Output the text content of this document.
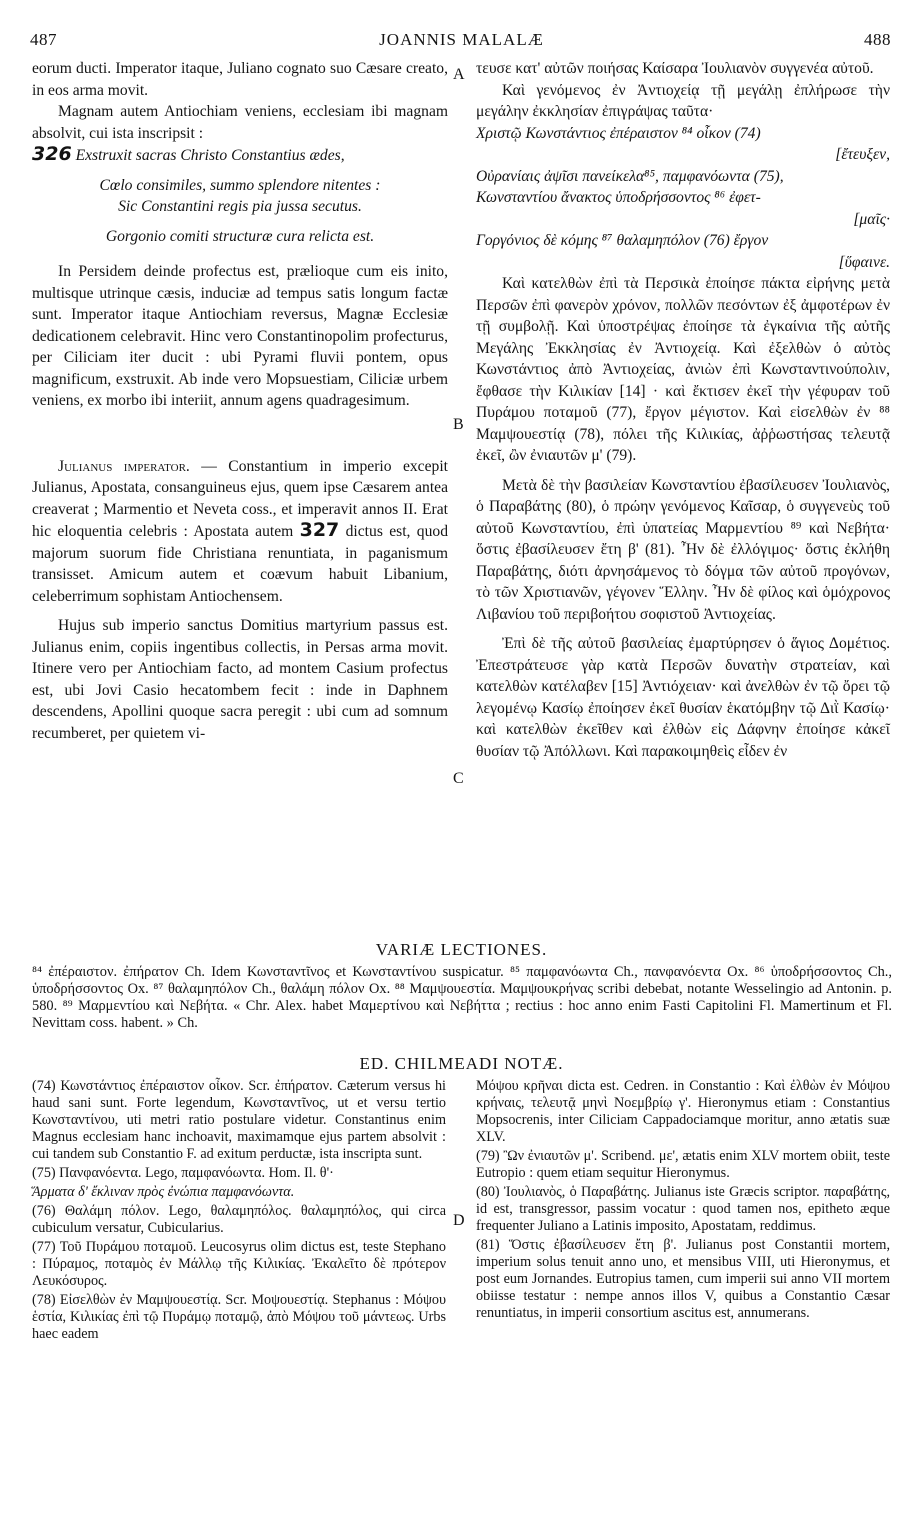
487	JOANNIS MALALÆ	488
A
B
C
D

eorum ducti. Imperator itaque, Juliano cognato suo Cæsare creato, in eos arma movit.

Magnam autem Antiochiam veniens, ecclesiam ibi magnam absolvit, cui ista inscripsit :

326 Exstruxit sacras Christo Constantius ædes,

Cœlo consimiles, summo splendore nitentes :

Sic Constantini regis pia jussa secutus.

Gorgonio comiti structuræ cura relicta est.

In Persidem deinde profectus est, prælioque cum eis inito, multisque utrinque cæsis, induciæ ad tempus satis longum factæ sunt. Imperator itaque Antiochiam reversus, Magnæ Ecclesiæ dedicationem celebravit. Hinc vero Constantinopolim profecturus, per Ciliciam iter ducit : ubi Pyrami fluvii pontem, opus magnificum, exstruxit. Ab inde vero Mopsuestiam, Ciliciæ urbem veniens, ex morbo ibi interiit, annum agens quadragesimum.

Julianus imperator. — Constantium in imperio excepit Julianus, Apostata, consanguineus ejus, quem ipse Cæsarem antea creaverat ; Marmentio et Neveta coss., et imperavit annos II. Erat hic eloquentia celebris : Apostata autem 327 dictus est, quod majorum suorum fide Christiana renuntiata, in paganismum transisset. Amicum autem et coævum habuit Libanium, celeberrimum sophistam Antiochensem.

Hujus sub imperio sanctus Domitius martyrium passus est. Julianus enim, copiis ingentibus collectis, in Persas arma movit. Itinere vero per Antiochiam facto, ad montem Casium profectus est, ubi Jovi Casio hecatombem fecit : inde in Daphnem descendens, Apollini quoque sacra peregit : ubi cum ad somnum recumberet, per quietem vi-

τευσε κατ' αὐτῶν ποιήσας Καίσαρα Ἰουλιανὸν συγγενέα αὐτοῦ.

Καὶ γενόμενος ἐν Ἀντιοχείᾳ τῇ μεγάλῃ ἐπλήρωσε τὴν μεγάλην ἐκκλησίαν ἐπιγράψας ταῦτα·

Χριστῷ Κωνστάντιος ἐπέραιστον ⁸⁴ οἶκον (74)

[ἔτευξεν,

Οὐρανίαις ἀψῖσι πανείκελα⁸⁵, παμφανόωντα (75),

Κωνσταντίου ἄνακτος ὑποδρήσσοντος ⁸⁶ ἐφετ-

[μαῖς·

Γοργόνιος δὲ κόμης ⁸⁷ θαλαμηπόλον (76) ἔργον

[ὕφαινε.

Καὶ κατελθὼν ἐπὶ τὰ Περσικὰ ἐποίησε πάκτα εἰρήνης μετὰ Περσῶν ἐπὶ φανερὸν χρόνον, πολλῶν πεσόντων ἐξ ἀμφοτέρων ἐν τῇ συμβολῇ. Καὶ ὑποστρέψας ἐποίησε τὰ ἐγκαίνια τῆς αὐτῆς Μεγάλης Ἐκκλησίας ἐν Ἀντιοχείᾳ. Καὶ ἐξελθὼν ὁ αὐτὸς Κωνστάντιος ἀπὸ Ἀντιοχείας, ἀνιὼν ἐπὶ Κωνσταντινούπολιν, ἔφθασε τὴν Κιλικίαν [14] · καὶ ἔκτισεν ἐκεῖ τὴν γέφυραν τοῦ Πυράμου ποταμοῦ (77), ἔργον μέγιστον. Καὶ εἰσελθὼν ἐν ⁸⁸ Μαμψουεστίᾳ (78), πόλει τῆς Κιλικίας, ἀῤῥωστήσας τελευτᾷ ἐκεῖ, ὢν ἐνιαυτῶν μ' (79).

Μετὰ δὲ τὴν βασιλείαν Κωνσταντίου ἐβασίλευσεν Ἰουλιανὸς, ὁ Παραβάτης (80), ὁ πρώην γενόμενος Καῖσαρ, ὁ συγγενεὺς τοῦ αὐτοῦ Κωνσταντίου, ἐπὶ ὑπατείας Μαρμεντίου ⁸⁹ καὶ Νεβήτα· ὅστις ἐβασίλευσεν ἔτη β' (81). Ἦν δὲ ἐλλόγιμος· ὅστις ἐκλήθη Παραβάτης, διότι ἀρνησάμενος τὸ δόγμα τῶν αὐτοῦ προγόνων, τὸ τῶν Χριστιανῶν, γέγονεν Ἕλλην. Ἦν δὲ φίλος καὶ ὁμόχρονος Λιβανίου τοῦ περιβοήτου σοφιστοῦ Ἀντιοχείας.

Ἐπὶ δὲ τῆς αὐτοῦ βασιλείας ἐμαρτύρησεν ὁ ἅγιος Δομέτιος. Ἐπεστράτευσε γὰρ κατὰ Περσῶν δυνατὴν στρατείαν, καὶ κατελθὼν κατέλαβεν [15] Ἀντιόχειαν· καὶ ἀνελθὼν ἐν τῷ ὄρει τῷ λεγομένῳ Κασίῳ ἐποίησεν ἐκεῖ θυσίαν ἑκατόμβην τῷ Διῒ Κασίῳ· καὶ κατελθὼν ἐκεῖθεν καὶ ἐλθὼν εἰς Δάφνην ἐποίησε κἀκεῖ θυσίαν τῷ Ἀπόλλωνι. Καὶ παρακοιμηθεὶς εἶδεν ἐν

VARIÆ LECTIONES.

⁸⁴ ἐπέραιστον. ἐπήρατον Ch. Idem Κωνσταντῖνος et Κωνσταντίνου suspicatur. ⁸⁵ παμφανόωντα Ch., πανφανόεντα Ox. ⁸⁶ ὑποδρήσσοντος Ch., ὑποδρήσσοντος Ox. ⁸⁷ θαλαμηπόλον Ch., θαλάμη πόλον Ox. ⁸⁸ Μαμψουεστία. Μαμψουκρήνας scribi debebat, notante Wesselingio ad Antonin. p. 580. ⁸⁹ Μαρμεντίου καὶ Νεβήτα. « Chr. Alex. habet Μαμερτίνου καὶ Νεβήττα ; rectius : hoc anno enim Fasti Capitolini Fl. Mamertinum et Fl. Nevittam coss. habent. » Ch.

ED. CHILMEADI NOTÆ.

(74) Κωνστάντιος ἐπέραιστον οἶκον. Scr. ἐπήρατον. Cæterum versus hi haud sani sunt. Forte legendum, Κωνσταντῖνος, ut et versu tertio Κωνσταντίνου, uti metri ratio postulare videtur. Constantinus enim Magnus ecclesiam hanc inchoavit, maximamque ejus partem absolvit : cui tandem sub Constantio F. ad exitum perductæ, ista inscripta sunt.

(75) Πανφανόεντα. Lego, παμφανόωντα. Hom. Il. θ'·

Ἅρματα δ' ἔκλιναν πρὸς ἐνώπια παμφανόωντα.

(76) Θαλάμη πόλον. Lego, θαλαμηπόλος. θαλαμηπόλος, qui circa cubiculum versatur, Cubicularius.

(77) Τοῦ Πυράμου ποταμοῦ. Leucosyrus olim dictus est, teste Stephano : Πύραμος, ποταμὸς ἐν Μάλλῳ τῆς Κιλικίας. Ἐκαλεῖτο δὲ πρότερον Λευκόσυρος.

(78) Εἰσελθὼν ἐν Μαμψουεστίᾳ. Scr. Μοψουεστίᾳ. Stephanus : Μόψου ἑστία, Κιλικίας ἐπὶ τῷ Πυράμῳ ποταμῷ, ἀπὸ Μόψου τοῦ μάντεως. Urbs haec eadem

Μόψου κρῆναι dicta est. Cedren. in Constantio : Καὶ ἐλθὼν ἐν Μόψου κρήναις, τελευτᾷ μηνὶ Νοεμβρίῳ γ'. Hieronymus etiam : Constantius Mopsocrenis, inter Ciliciam Cappadociamque moritur, anno ætatis suæ XLV.

(79) Ὢν ἐνιαυτῶν μ'. Scribend. με', ætatis enim XLV mortem obiit, teste Eutropio : quem etiam sequitur Hieronymus.

(80) Ἰουλιανὸς, ὁ Παραβάτης. Julianus iste Græcis scriptor. παραβάτης, id est, transgressor, passim vocatur : quod tamen nos, epitheto æque frequenter Juliano a Latinis imposito, Apostatam, reddimus.

(81) Ὅστις ἐβασίλευσεν ἔτη β'. Julianus post Constantii mortem, imperium solus tenuit anno uno, et mensibus VIII, uti Hieronymus, et post eum Jornandes. Eutropius tamen, cum imperii sui anno VII mortem obiisse testatur : nempe annos illos V, quibus a Constantio Cæsar renuntiatus, in imperii consortium ascitus est, annumerans.
